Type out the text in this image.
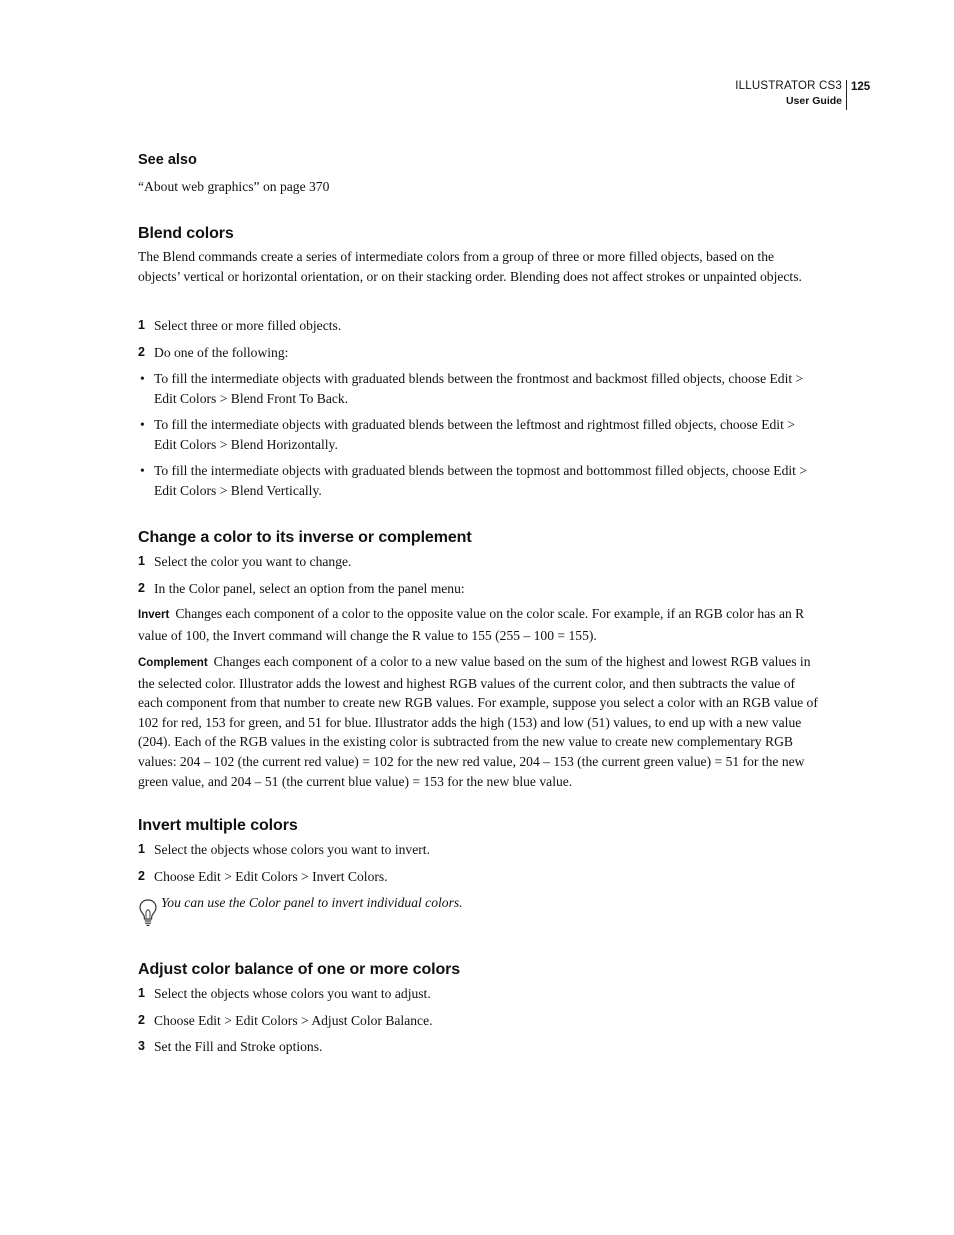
ILLUSTRATOR CS3
User Guide
125
See also
“About web graphics” on page 370
Blend colors
The Blend commands create a series of intermediate colors from a group of three or more filled objects, based on the objects’ vertical or horizontal orientation, or on their stacking order. Blending does not affect strokes or unpainted objects.
1 Select three or more filled objects.
2 Do one of the following:
• To fill the intermediate objects with graduated blends between the frontmost and backmost filled objects, choose Edit > Edit Colors > Blend Front To Back.
• To fill the intermediate objects with graduated blends between the leftmost and rightmost filled objects, choose Edit > Edit Colors > Blend Horizontally.
• To fill the intermediate objects with graduated blends between the topmost and bottommost filled objects, choose Edit > Edit Colors > Blend Vertically.
Change a color to its inverse or complement
1 Select the color you want to change.
2 In the Color panel, select an option from the panel menu:
Invert Changes each component of a color to the opposite value on the color scale. For example, if an RGB color has an R value of 100, the Invert command will change the R value to 155 (255 – 100 = 155).
Complement Changes each component of a color to a new value based on the sum of the highest and lowest RGB values in the selected color. Illustrator adds the lowest and highest RGB values of the current color, and then subtracts the value of each component from that number to create new RGB values. For example, suppose you select a color with an RGB value of 102 for red, 153 for green, and 51 for blue. Illustrator adds the high (153) and low (51) values, to end up with a new value (204). Each of the RGB values in the existing color is subtracted from the new value to create new complementary RGB values: 204 – 102 (the current red value) = 102 for the new red value, 204 – 153 (the current green value) = 51 for the new green value, and 204 – 51 (the current blue value) = 153 for the new blue value.
Invert multiple colors
1 Select the objects whose colors you want to invert.
2 Choose Edit > Edit Colors > Invert Colors.
You can use the Color panel to invert individual colors.
Adjust color balance of one or more colors
1 Select the objects whose colors you want to adjust.
2 Choose Edit > Edit Colors > Adjust Color Balance.
3 Set the Fill and Stroke options.
